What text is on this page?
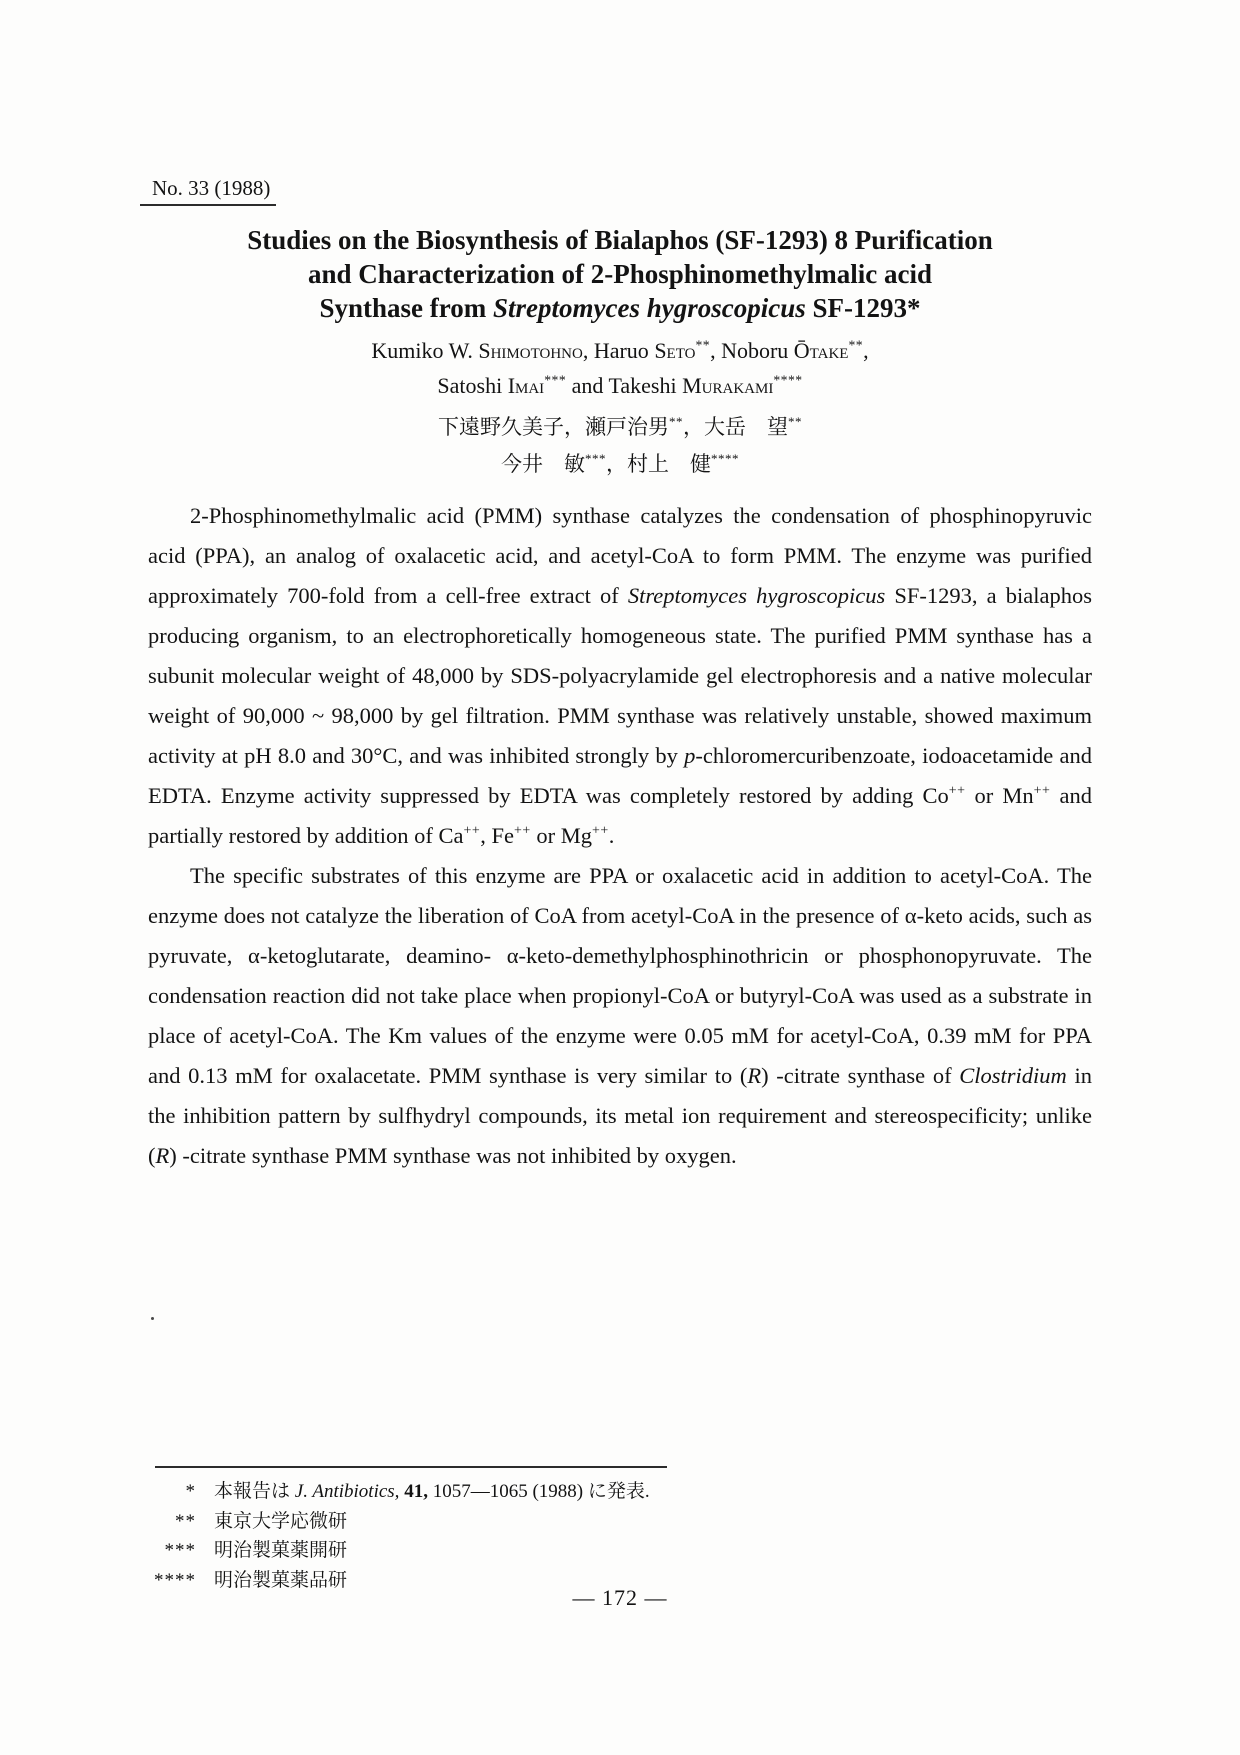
No. 33 (1988)
Studies on the Biosynthesis of Bialaphos (SF-1293) 8 Purification
and Characterization of 2-Phosphinomethylmalic acid
Synthase from Streptomyces hygroscopicus SF-1293*
Kumiko W. Shimotohno, Haruo Seto**, Noboru Ōtake**,
Satoshi Imai*** and Takeshi Murakami****
下遠野久美子，瀬戸治男**，大岳　望**
今井　敏***，村上　健****

2-Phosphinomethylmalic acid (PMM) synthase catalyzes the condensation of phosphinopyruvic acid (PPA), an analog of oxalacetic acid, and acetyl-CoA to form PMM. The enzyme was purified approximately 700-fold from a cell-free extract of Streptomyces hygroscopicus SF-1293, a bialaphos producing organism, to an electrophoretically homogeneous state. The purified PMM synthase has a subunit molecular weight of 48,000 by SDS-polyacrylamide gel electrophoresis and a native molecular weight of 90,000 ~ 98,000 by gel filtration. PMM synthase was relatively unstable, showed maximum activity at pH 8.0 and 30°C, and was inhibited strongly by p-chloromercuribenzoate, iodoacetamide and EDTA. Enzyme activity suppressed by EDTA was completely restored by adding Co++ or Mn++ and partially restored by addition of Ca++, Fe++ or Mg++.

The specific substrates of this enzyme are PPA or oxalacetic acid in addition to acetyl-CoA. The enzyme does not catalyze the liberation of CoA from acetyl-CoA in the presence of α-keto acids, such as pyruvate, α-ketoglutarate, deamino- α-keto-demethylphosphinothricin or phosphonopyruvate. The condensation reaction did not take place when propionyl-CoA or butyryl-CoA was used as a substrate in place of acetyl-CoA. The Km values of the enzyme were 0.05 mM for acetyl-CoA, 0.39 mM for PPA and 0.13 mM for oxalacetate. PMM synthase is very similar to (R) -citrate synthase of Clostridium in the inhibition pattern by sulfhydryl compounds, its metal ion requirement and stereospecificity; unlike (R) -citrate synthase PMM synthase was not inhibited by oxygen.

* 本報告は J. Antibiotics, 41, 1057—1065 (1988) に発表.
** 東京大学応微研
*** 明治製菓薬開研
**** 明治製菓薬品研
— 172 —
